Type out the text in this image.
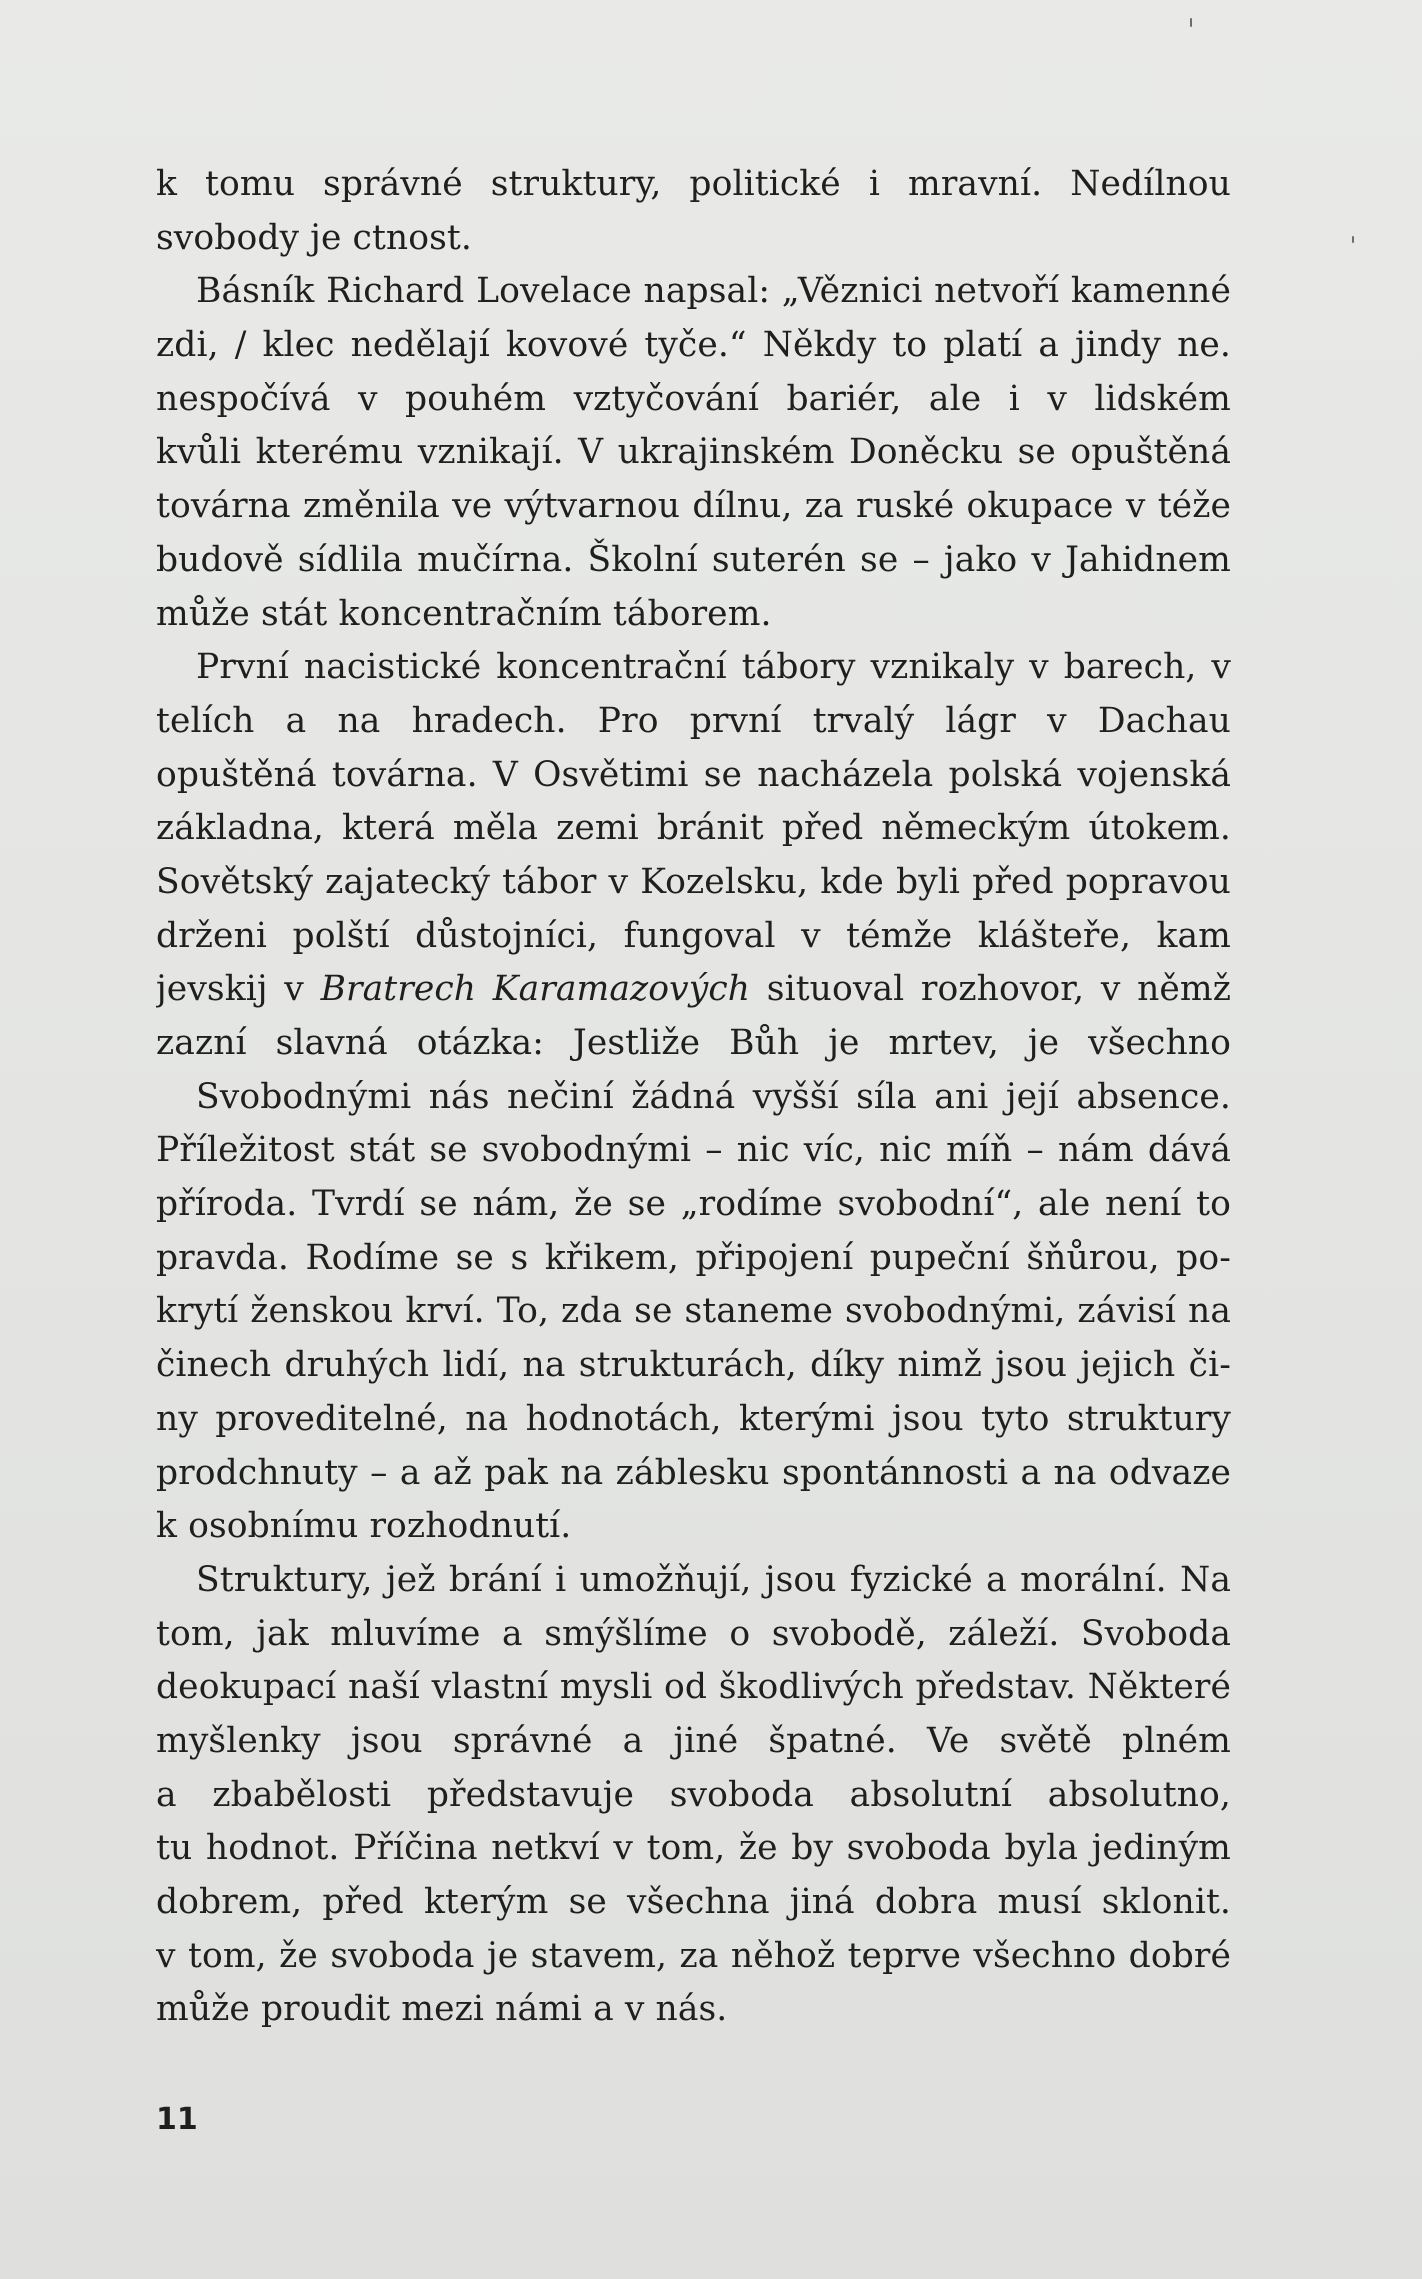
k tomu správné struktury, politické i mravní. Nedílnou
svobody je ctnost.
Básník Richard Lovelace napsal: „Věznici netvoří kamenné
zdi, / klec nedělají kovové tyče.“ Někdy to platí a jindy ne.
nespočívá v pouhém vztyčování bariér, ale i v lidském
kvůli kterému vznikají. V ukrajinském Doněcku se opuštěná
továrna změnila ve výtvarnou dílnu, za ruské okupace v téže
budově sídlila mučírna. Školní suterén se – jako v Jahidnem
může stát koncentračním táborem.
První nacistické koncentrační tábory vznikaly v barech, v
telích a na hradech. Pro první trvalý lágr v Dachau
opuštěná továrna. V Osvětimi se nacházela polská vojenská
základna, která měla zemi bránit před německým útokem.
Sovětský zajatecký tábor v Kozelsku, kde byli před popravou
drženi polští důstojníci, fungoval v témže klášteře, kam
jevskij v Bratrech Karamazových situoval rozhovor, v němž
zazní slavná otázka: Jestliže Bůh je mrtev, je všechno
Svobodnými nás nečiní žádná vyšší síla ani její absence.
Příležitost stát se svobodnými – nic víc, nic míň – nám dává
příroda. Tvrdí se nám, že se „rodíme svobodní“, ale není to
pravda. Rodíme se s křikem, připojení pupeční šňůrou, po-
krytí ženskou krví. To, zda se staneme svobodnými, závisí na
činech druhých lidí, na strukturách, díky nimž jsou jejich či-
ny proveditelné, na hodnotách, kterými jsou tyto struktury
prodchnuty – a až pak na záblesku spontánnosti a na odvaze
k osobnímu rozhodnutí.
Struktury, jež brání i umožňují, jsou fyzické a morální. Na
tom, jak mluvíme a smýšlíme o svobodě, záleží. Svoboda
deokupací naší vlastní mysli od škodlivých představ. Některé
myšlenky jsou správné a jiné špatné. Ve světě plném
a zbabělosti představuje svoboda absolutní absolutno,
tu hodnot. Příčina netkví v tom, že by svoboda byla jediným
dobrem, před kterým se všechna jiná dobra musí sklonit.
v tom, že svoboda je stavem, za něhož teprve všechno dobré
může proudit mezi námi a v nás.
11
